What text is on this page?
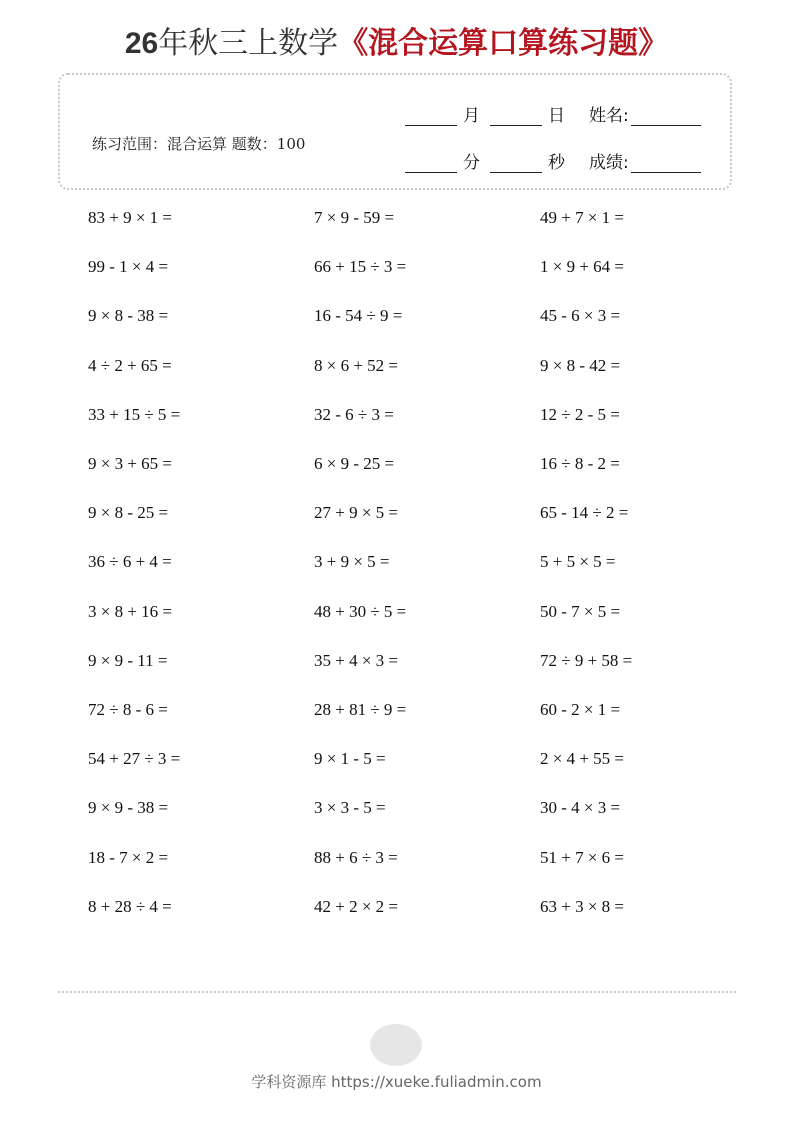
26年秋三上数学《混合运算口算练习题》
练习范围：混合运算 题数：100
月	日 姓名:
分	秒 成绩:
83 + 9 × 1 =	7 × 9 - 59 =	49 + 7 × 1 =
99 - 1 × 4 =	66 + 15 ÷ 3 =	1 × 9 + 64 =
9 × 8 - 38 =	16 - 54 ÷ 9 =	45 - 6 × 3 =
4 ÷ 2 + 65 =	8 × 6 + 52 =	9 × 8 - 42 =
33 + 15 ÷ 5 =	32 - 6 ÷ 3 =	12 ÷ 2 - 5 =
9 × 3 + 65 =	6 × 9 - 25 =	16 ÷ 8 - 2 =
9 × 8 - 25 =	27 + 9 × 5 =	65 - 14 ÷ 2 =
36 ÷ 6 + 4 =	3 + 9 × 5 =	5 + 5 × 5 =
3 × 8 + 16 =	48 + 30 ÷ 5 =	50 - 7 × 5 =
9 × 9 - 11 =	35 + 4 × 3 =	72 ÷ 9 + 58 =
72 ÷ 8 - 6 =	28 + 81 ÷ 9 =	60 - 2 × 1 =
54 + 27 ÷ 3 =	9 × 1 - 5 =	2 × 4 + 55 =
9 × 9 - 38 =	3 × 3 - 5 =	30 - 4 × 3 =
18 - 7 × 2 =	88 + 6 ÷ 3 =	51 + 7 × 6 =
8 + 28 ÷ 4 =	42 + 2 × 2 =	63 + 3 × 8 =
学科资源库 https://xueke.fuliadmin.com
